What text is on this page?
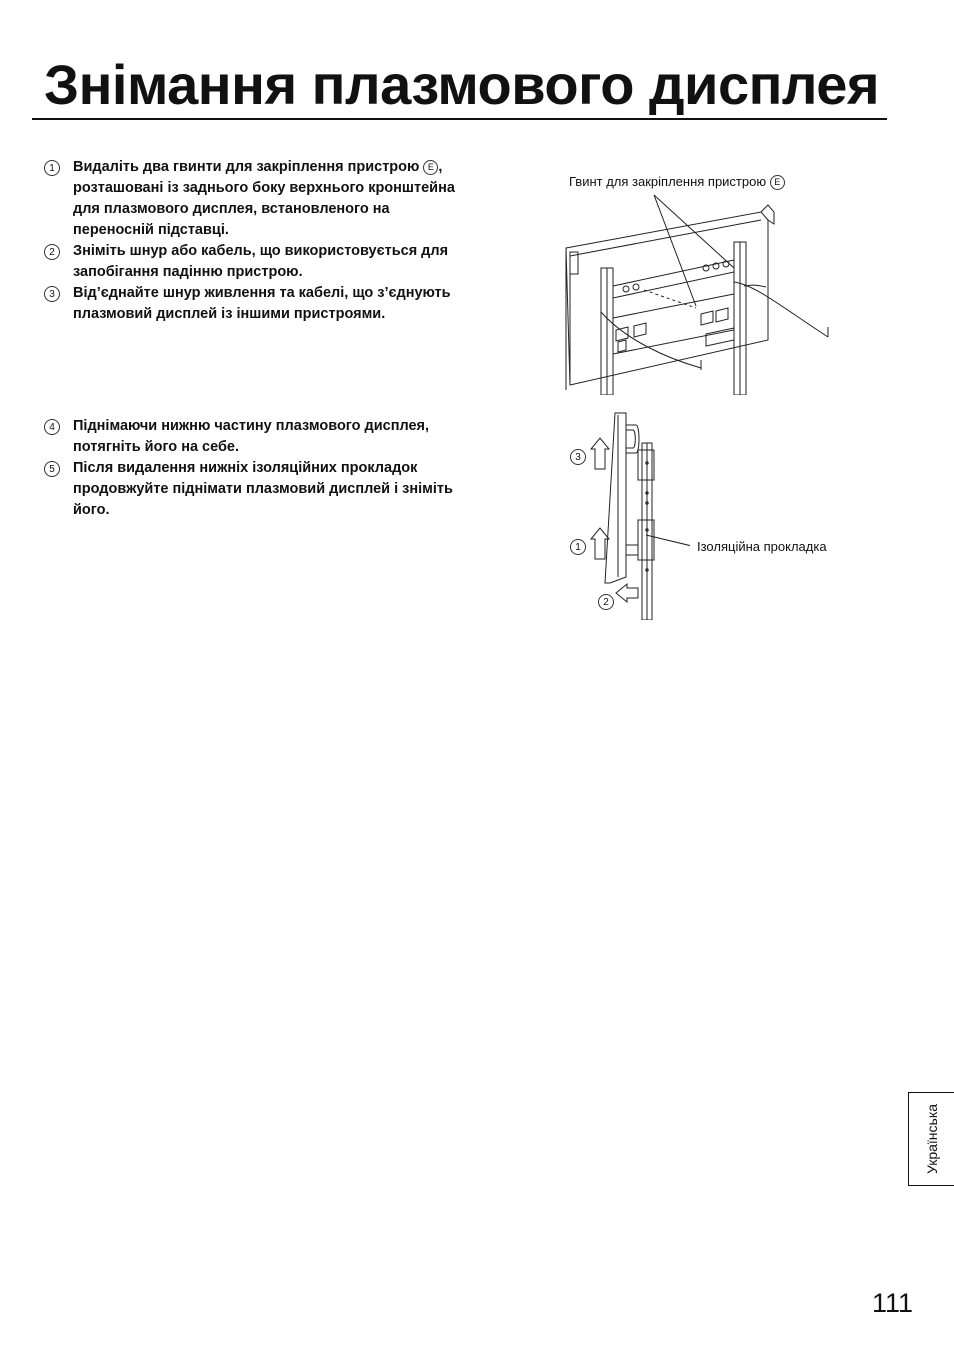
Знімання плазмового дисплея
1	Видаліть два гвинти для закріплення пристрою E , розташовані із заднього боку верхнього кронштейна для плазмового дисплея, встановленого на переносній підставці.
2	Зніміть шнур або кабель, що використовується для запобігання падінню пристрою.
3	Від’єднайте шнур живлення та кабелі, що з’єднують плазмовий дисплей із іншими пристроями.
4	Піднімаючи нижню частину плазмового дисплея, потягніть його на себе.
5	Після видалення нижніх ізоляційних прокладок продовжуйте піднімати плазмовий дисплей і зніміть його.
Гвинт для закріплення пристрою E
3
1
2
Ізоляційна прокладка
Українська
111
